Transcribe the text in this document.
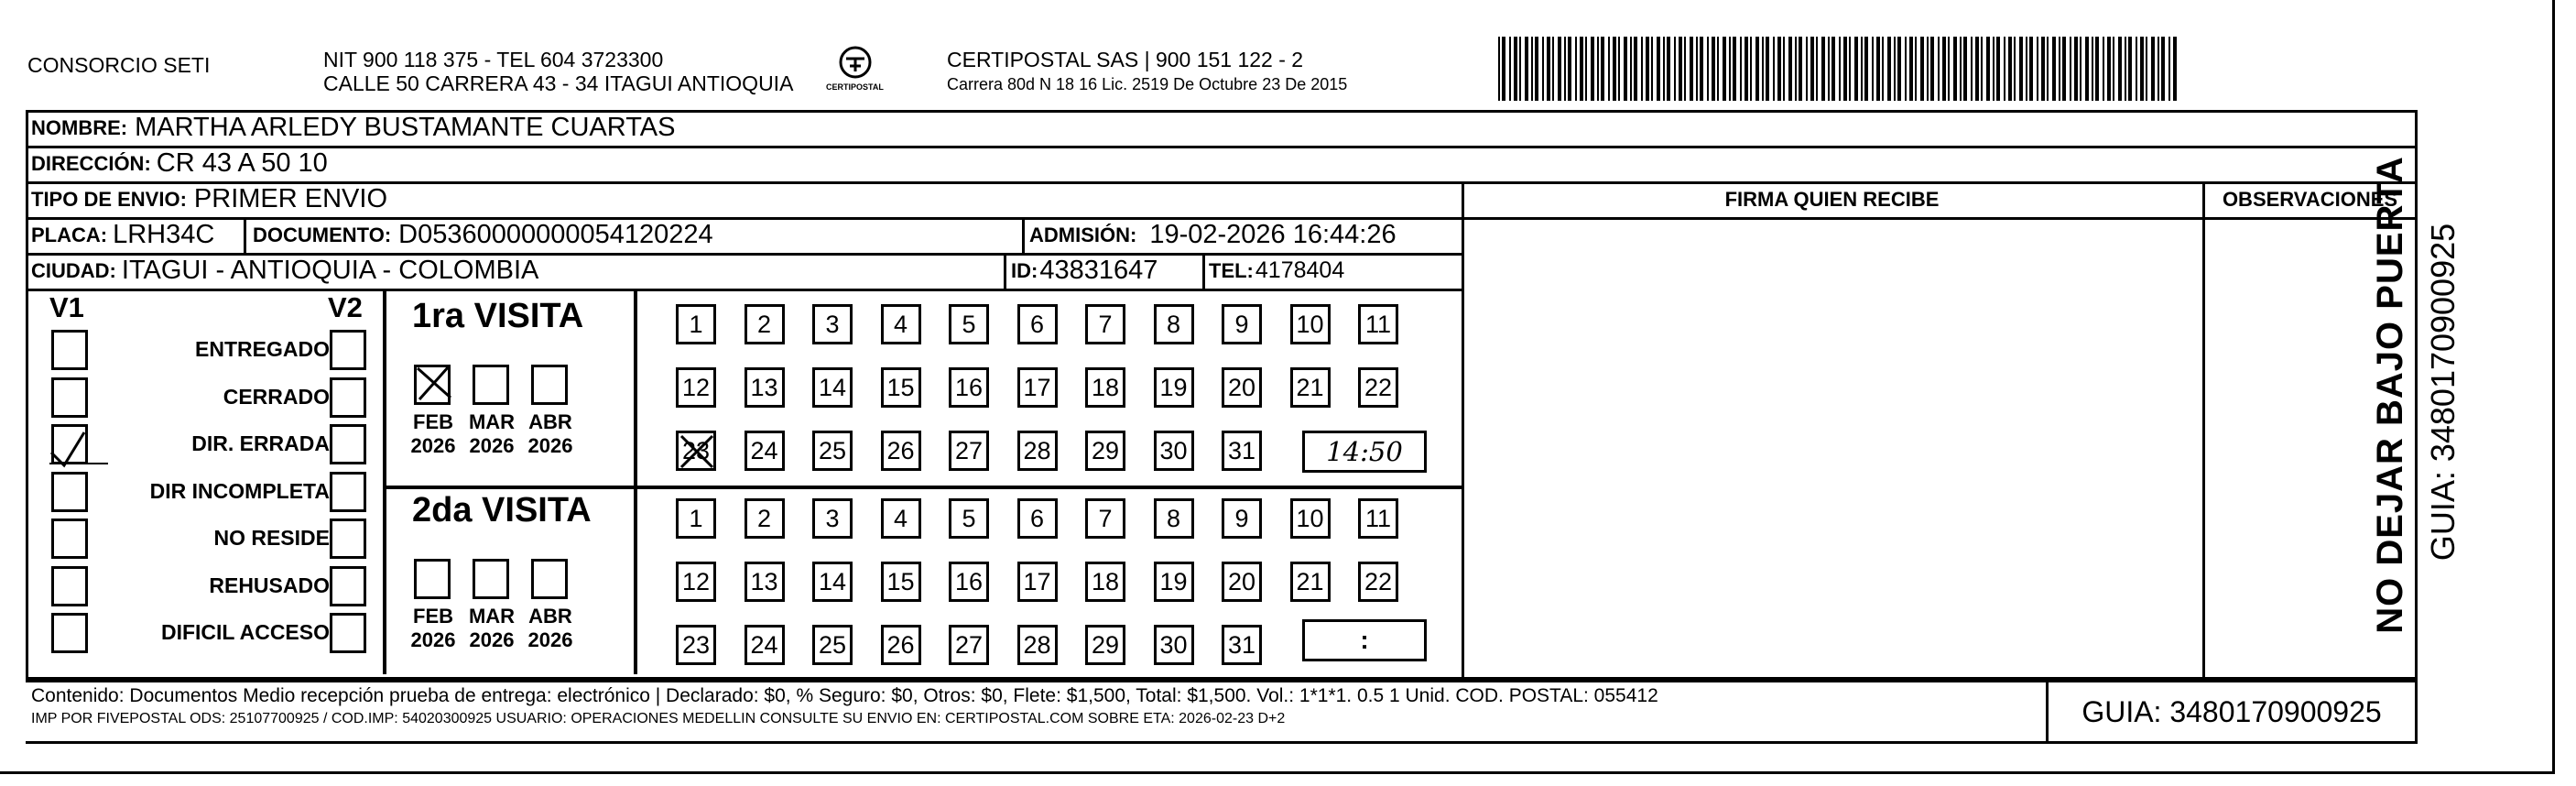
CONSORCIO SETI	NIT 900 118 375 - TEL 604 3723300
CALLE 50 CARRERA 43 - 34 ITAGUI ANTIOQUIA	CERTIPOSTAL
CERTIPOSTAL SAS | 900 151 122 - 2
Carrera 80d N 18 16 Lic. 2519 De Octubre 23 De 2015
NOMBRE: MARTHA ARLEDY BUSTAMANTE CUARTAS
DIRECCIÓN: CR 43 A 50 10
TIPO DE ENVIO: PRIMER ENVIO
PLACA: LRH34C DOCUMENTO: D05360000000054120224	ADMISIÓN: 19-02-2026 16:44:26
CIUDAD: ITAGUI - ANTIOQUIA - COLOMBIA	ID: 43831647	TEL: 4178404
FIRMA QUIEN RECIBE	OBSERVACIONES
V1	V2
ENTREGADO
CERRADO
DIR. ERRADA
DIR INCOMPLETA
NO RESIDE
REHUSADO
DIFICIL ACCESO
1ra VISITA
2da VISITA
FEB
2026
MAR
2026
ABR
2026
FEB
2026
MAR
2026
ABR
2026
1	2	3	4	5	6	7	8	9	10 11
12 13 14 15 16 17 18 19 20 21 22
23 24 25 26 27 28 29 30 31
1	2	3	4	5	6	7	8	9	10 11
12 13 14 15 16 17 18 19 20 21 22
23 24 25 26 27 28 29 30 31
14:50
:
Contenido: Documentos Medio recepción prueba de entrega: electrónico | Declarado: $0, % Seguro: $0, Otros: $0, Flete: $1,500, Total: $1,500. Vol.: 1*1*1. 0.5 1 Unid. COD. POSTAL: 055412
IMP POR FIVEPOSTAL ODS: 25107700925 / COD.IMP: 54020300925 USUARIO: OPERACIONES MEDELLIN CONSULTE SU ENVIO EN: CERTIPOSTAL.COM SOBRE ETA: 2026-02-23 D+2	GUIA: 3480170900925
NO DEJAR BAJO PUERTA GUIA: 3480170900925
